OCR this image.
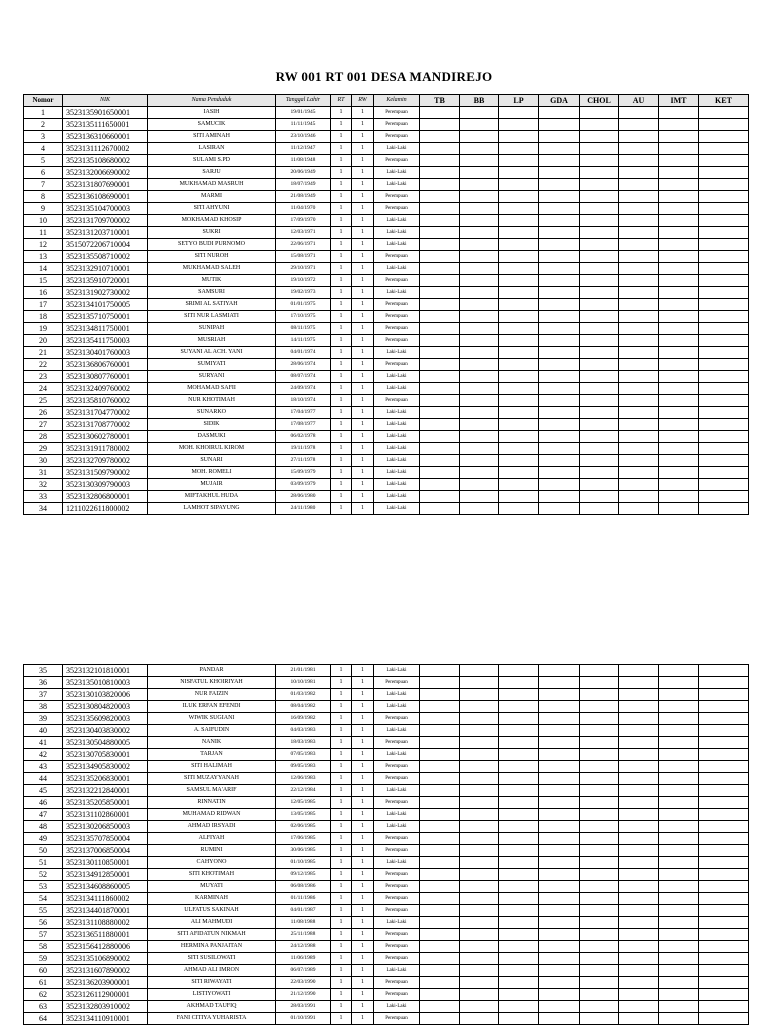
RW 001 RT 001 DESA MANDIREJO
Nomor	NIK	Nama Penduduk	Tanggal Lahir	RT	RW	Kelamin	TB	BB	LP	GDA	CHOL	AU	IMT	KET
1	3523135901650001	IASIH	19/01/1945	1	1	Perempuan								
2	3523135111650001	SAMUCIK	11/11/1945	1	1	Perempuan								
3	3523136310660001	SITI AMINAH	23/10/1946	1	1	Perempuan								
4	3523131112670002	LASIRAN	11/12/1947	1	1	Laki-Laki								
5	3523135108680002	SULAMI S.PD	11/08/1948	1	1	Perempuan								
6	3523132006690002	SARJU	20/06/1949	1	1	Laki-Laki								
7	3523131807690001	MUKHAMAD MASRUH	18/07/1949	1	1	Laki-Laki								
8	3523136108690001	MARMI	21/08/1949	1	1	Perempuan								
9	3523135104700003	SITI AHYUNI	11/04/1970	1	1	Perempuan								
10	3523131709700002	MOKHAMAD KHOSIP	17/09/1970	1	1	Laki-Laki								
11	3523131203710001	SUKRI	12/03/1971	1	1	Laki-Laki								
12	3515072206710004	SETYO BUDI PURNOMO	22/06/1971	1	1	Laki-Laki								
13	3523135508710002	SITI NUROH	15/08/1971	1	1	Perempuan								
14	3523132910710001	MUKHAMAD SALEH	29/10/1971	1	1	Laki-Laki								
15	3523135910720001	MUTIK	19/10/1972	1	1	Perempuan								
16	3523131902730002	SAMSURI	19/02/1973	1	1	Laki-Laki								
17	3523134101750005	SRIMI AL SATIYAH	01/01/1975	1	1	Perempuan								
18	3523135710750001	SITI NUR LASMIATI	17/10/1975	1	1	Perempuan								
19	3523134811750001	SUNIPAH	08/11/1975	1	1	Perempuan								
20	3523135411750003	MUSRIAH	14/11/1975	1	1	Perempuan								
21	3523130401760003	SUYANI AL ACH. YANI	04/01/1974	1	1	Laki-Laki								
22	3523136806760001	SUMIYATI	28/06/1974	1	1	Perempuan								
23	3523130807760001	SURYANI	08/07/1974	1	1	Laki-Laki								
24	3523132409760002	MOHAMAD SAFII	24/09/1974	1	1	Laki-Laki								
25	3523135810760002	NUR KHOTIMAH	18/10/1974	1	1	Perempuan								
26	3523131704770002	SUNARKO	17/04/1977	1	1	Laki-Laki								
27	3523131708770002	SIDIK	17/08/1977	1	1	Laki-Laki								
28	3523130602780001	DASMUKI	06/02/1978	1	1	Laki-Laki								
29	3523131911780002	MOH. KHOIRUL KIROM	19/11/1978	1	1	Laki-Laki								
30	3523132709780002	SUNARI	27/11/1978	1	1	Laki-Laki								
31	3523131509790002	MOH. ROMELI	15/09/1979	1	1	Laki-Laki								
32	3523130309790003	MUJAIR	03/09/1979	1	1	Laki-Laki								
33	3523132806800001	MIFTAKHUL HUDA	28/06/1980	1	1	Laki-Laki								
34	1211022611800002	LAMHOT SIPAYUNG	24/11/1980	1	1	Laki-Laki								
35	3523132101810001	PANDAR	21/01/1981	1	1	Laki-Laki								
36	3523135010810003	NISFATUL KHOIRIYAH	10/10/1981	1	1	Perempuan								
37	3523130103820006	NUR FAIZIN	01/03/1982	1	1	Laki-Laki								
38	3523130804820003	ILUK ERFAN EFENDI	08/04/1982	1	1	Laki-Laki								
39	3523135609820003	WIWIK SUGIANI	16/09/1982	1	1	Perempuan								
40	3523130403830002	A. SAIFUDIN	04/03/1983	1	1	Laki-Laki								
41	3523130504880005	NANIK	18/03/1983	1	1	Perempuan								
42	3523130705830001	TARJAN	07/05/1983	1	1	Laki-Laki								
43	3523134905830002	SITI HALIMAH	09/05/1983	1	1	Perempuan								
44	3523135206830001	SITI MUZAYYANAH	12/06/1983	1	1	Perempuan								
45	3523132212840001	SAMSUL MA'ARIF	22/12/1984	1	1	Laki-Laki								
46	3523135205850001	RINNATIN	12/05/1985	1	1	Perempuan								
47	3523131102860001	MUHAMAD RIDWAN	13/05/1985	1	1	Laki-Laki								
48	3523130206850003	AHMAD IRSYADI	02/06/1985	1	1	Laki-Laki								
49	3523135707850004	ALFIYAH	17/06/1985	1	1	Perempuan								
50	3523137006850004	RUMINI	30/06/1985	1	1	Perempuan								
51	3523130110850001	CAHYONO	01/10/1985	1	1	Laki-Laki								
52	3523134912850001	SITI KHOTIMAH	09/12/1985	1	1	Perempuan								
53	3523134608860005	MUYATI	06/08/1986	1	1	Perempuan								
54	3523134111860002	KARMINAH	01/11/1986	1	1	Perempuan								
55	3523134401870001	ULFATUS SAKINAH	04/01/1987	1	1	Perempuan								
56	3523131108880002	ALI MAHMUDI	11/08/1988	1	1	Laki-Laki								
57	3523136511880001	SITI AFIDATUN NIKMAH	25/11/1988	1	1	Perempuan								
58	3523156412880006	HERMINA PANJAITAN	24/12/1988	1	1	Perempuan								
59	3523135106890002	SITI SUSILOWATI	11/06/1989	1	1	Perempuan								
60	3523131607890002	AHMAD ALI IMRON	06/07/1989	1	1	Laki-Laki								
61	3523136203900001	SITI RIWAYATI	22/03/1990	1	1	Perempuan								
62	3523126112900001	LISTIYOWATI	21/12/1990	1	1	Perempuan								
63	3523132803910002	AKHMAD TAUFIQ	28/03/1991	1	1	Laki-Laki								
64	3523134110910001	FANI CITIYA YUHARISTA	01/10/1991	1	1	Perempuan								
